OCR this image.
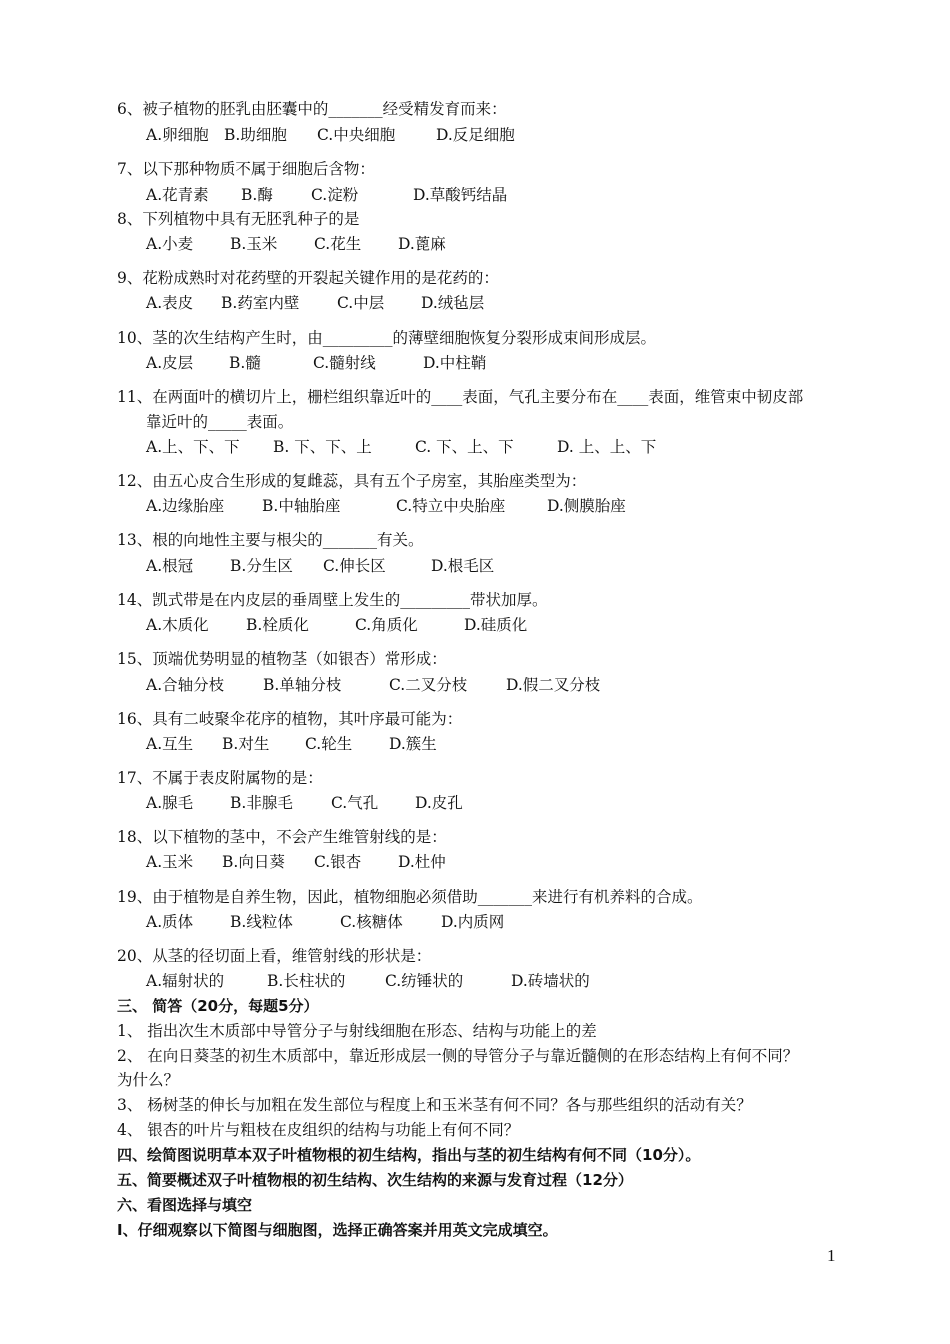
6、被子植物的胚乳由胚囊中的_______经受精发育而来：
A.卵细胞 B.助细胞 C.中央细胞	D.反足细胞
7、以下那种物质不属于细胞后含物：
A.花青素 B.酶 C.淀粉	D.草酸钙结晶
8、下列植物中具有无胚乳种子的是
A.小麦 B.玉米 C.花生 D.蓖麻
9、花粉成熟时对花药壁的开裂起关键作用的是花药的：
A.表皮 B.药室内壁 C.中层 D.绒毡层
10、茎的次生结构产生时，由_________的薄壁细胞恢复分裂形成束间形成层。
A.皮层 B.髓	C.髓射线	D.中柱鞘
11、在两面叶的横切片上，栅栏组织靠近叶的____表面，气孔主要分布在____表面，维管束中韧皮部
靠近叶的_____表面。
A.上、下、下 B. 下、下、上	C. 下、上、下	D. 上、上、下
12、由五心皮合生形成的复雌蕊，具有五个子房室，其胎座类型为：
A.边缘胎座 B.中轴胎座	C.特立中央胎座	D.侧膜胎座
13、根的向地性主要与根尖的_______有关。
A.根冠 B.分生区 C.伸长区	D.根毛区
14、凯式带是在内皮层的垂周壁上发生的_________带状加厚。
A.木质化 B.栓质化	C.角质化	D.硅质化
15、顶端优势明显的植物茎（如银杏）常形成：
A.合轴分枝	B.单轴分枝	C.二叉分枝	D.假二叉分枝
16、具有二岐聚伞花序的植物，其叶序最可能为：
A.互生 B.对生 C.轮生 D.簇生
17、不属于表皮附属物的是：
A.腺毛 B.非腺毛 C.气孔 D.皮孔
18、以下植物的茎中，不会产生维管射线的是：
A.玉米 B.向日葵 C.银杏 D.杜仲
19、由于植物是自养生物，因此，植物细胞必须借助_______来进行有机养料的合成。
A.质体 B.线粒体	C.核糖体 D.内质网
20、从茎的径切面上看，维管射线的形状是：
A.辐射状的	B.长柱状的	C.纺锤状的	D.砖墙状的
三、 简答（20分，每题5分）
1、 指出次生木质部中导管分子与射线细胞在形态、结构与功能上的差
2、 在向日葵茎的初生木质部中，靠近形成层一侧的导管分子与靠近髓侧的在形态结构上有何不同？
为什么？
3、 杨树茎的伸长与加粗在发生部位与程度上和玉米茎有何不同？各与那些组织的活动有关？
4、 银杏的叶片与粗枝在皮组织的结构与功能上有何不同？
四、绘简图说明草本双子叶植物根的初生结构，指出与茎的初生结构有何不同（10分）。
五、简要概述双子叶植物根的初生结构、次生结构的来源与发育过程（12分）
六、看图选择与填空
I、仔细观察以下简图与细胞图，选择正确答案并用英文完成填空。
1
